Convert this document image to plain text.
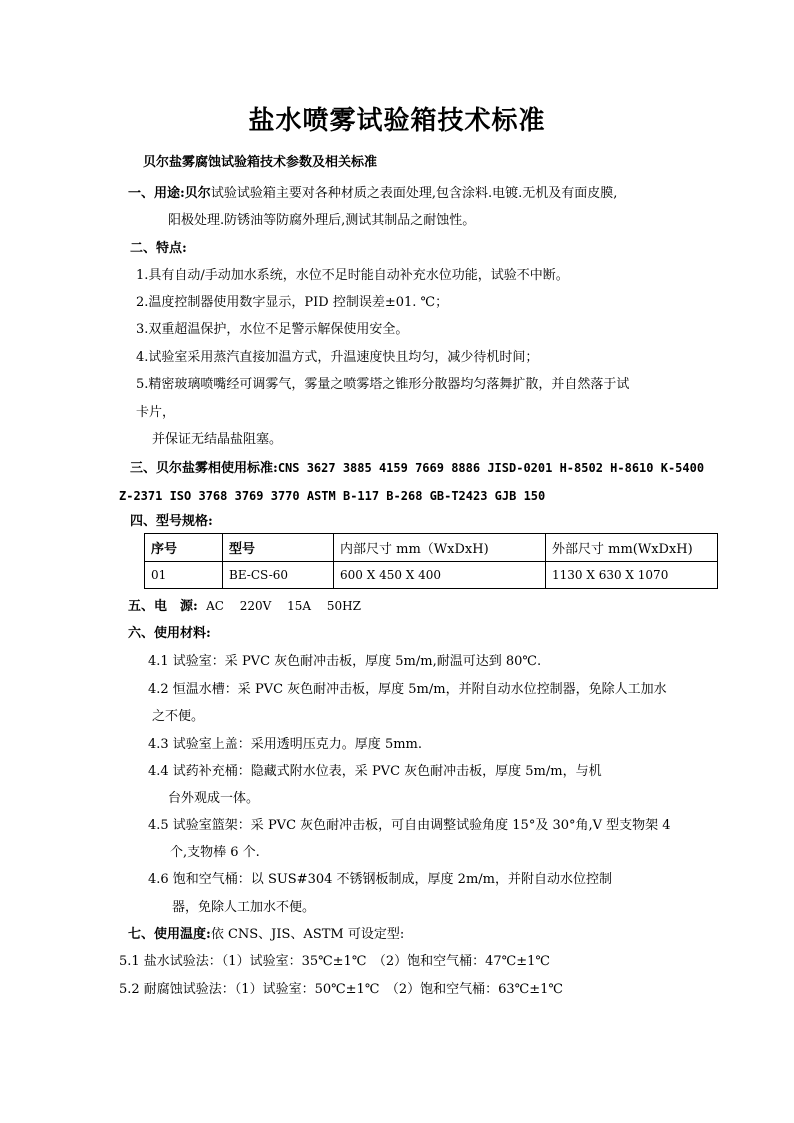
盐水喷雾试验箱技术标准
贝尔盐雾腐蚀试验箱技术参数及相关标准
一、用途:贝尔试验试验箱主要对各种材质之表面处理,包含涂料.电镀.无机及有面皮膜,
阳极处理.防锈油等防腐外理后,测试其制品之耐蚀性。
二、特点:
1.具有自动/手动加水系统，水位不足时能自动补充水位功能，试验不中断。
2.温度控制器使用数字显示，PID 控制误差±01. ℃；
3.双重超温保护，水位不足警示解保使用安全。
4.试验室采用蒸汽直接加温方式，升温速度快且均匀，减少待机时间；
5.精密玻璃喷嘴经可调雾气，雾量之喷雾塔之锥形分散器均匀落舞扩散，并自然落于试
卡片，
并保证无结晶盐阻塞。
三、贝尔盐雾相使用标准:CNS 3627 3885 4159 7669 8886 JISD-0201 H-8502 H-8610 K-5400
Z-2371 ISO 3768 3769 3770 ASTM B-117 B-268 GB-T2423 GJB 150
四、型号规格:
序号	型号	内部尺寸 mm（WxDxH)	外部尺寸 mm(WxDxH)
01	BE-CS-60	600 X 450 X 400	1130 X 630 X 1070
五、电　源: AC　 220V　 15A　 50HZ
六、使用材料:
4.1 试验室：采 PVC 灰色耐冲击板，厚度 5m/m,耐温可达到 80℃.
4.2 恒温水槽：采 PVC 灰色耐冲击板，厚度 5m/m，并附自动水位控制器，免除人工加水
之不便。
4.3 试验室上盖：采用透明压克力。厚度 5mm.
4.4 试药补充桶：隐藏式附水位表，采 PVC 灰色耐冲击板，厚度 5m/m，与机
台外观成一体。
4.5 试验室篮架：采 PVC 灰色耐冲击板，可自由调整试验角度 15°及 30°角,V 型支物架 4
个,支物棒 6 个.
4.6 饱和空气桶：以 SUS#304 不锈钢板制成，厚度 2m/m，并附自动水位控制
器，免除人工加水不便。
七、使用温度:依 CNS、JIS、ASTM 可设定型:
5.1 盐水试验法：（1）试验室：35℃±1℃　（2）饱和空气桶：47℃±1℃
5.2 耐腐蚀试验法：（1）试验室：50℃±1℃　（2）饱和空气桶：63℃±1℃
